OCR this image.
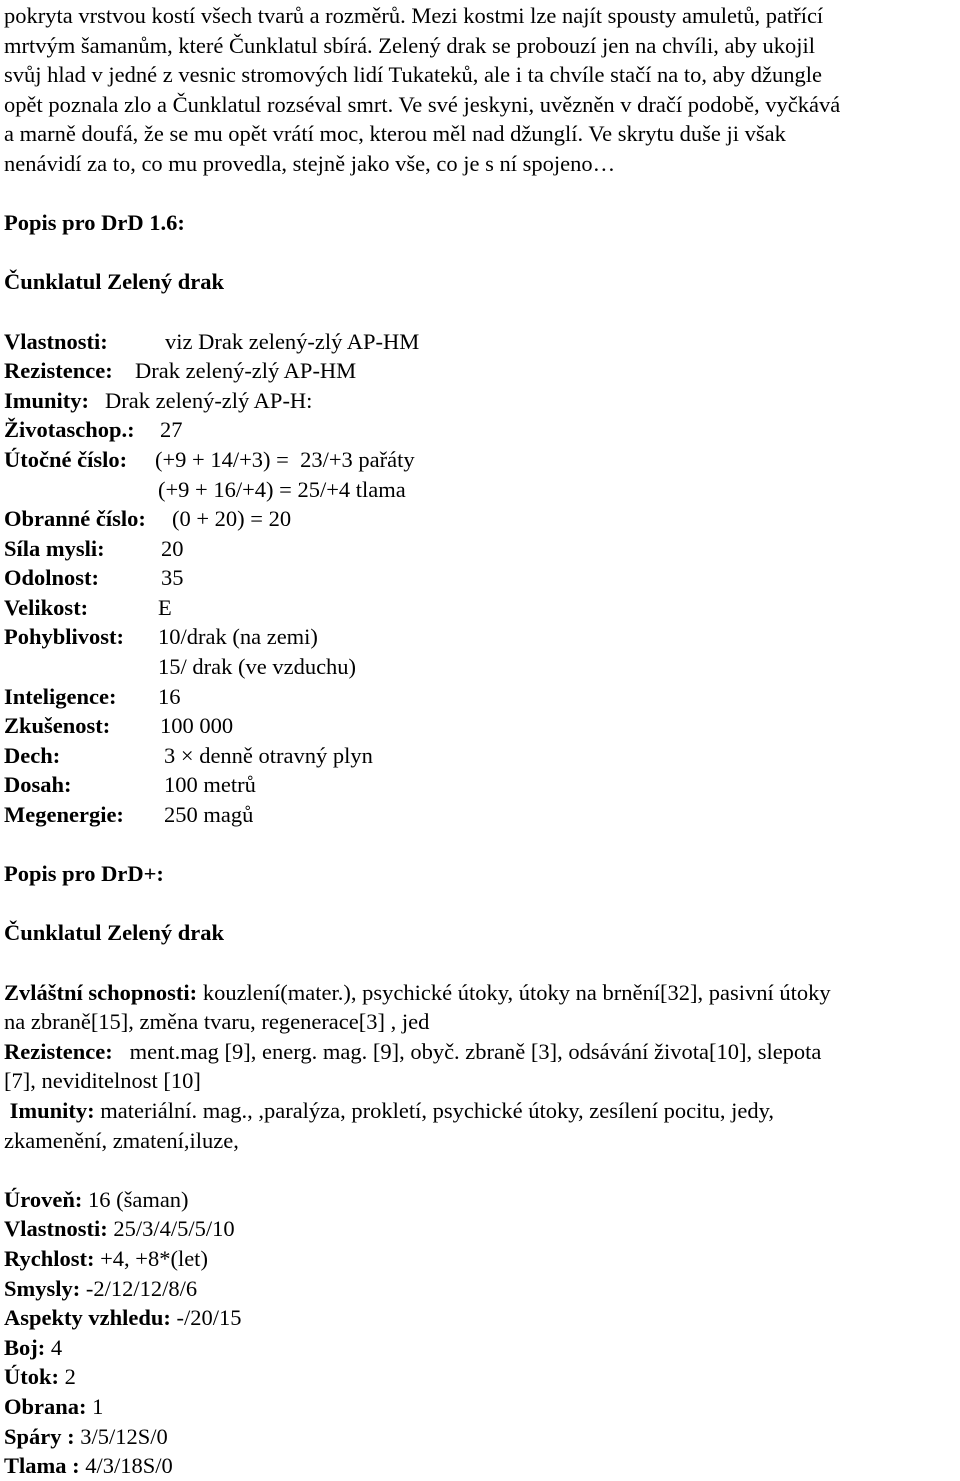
pokryta vrstvou kostí všech tvarů a rozměrů. Mezi kostmi lze najít spousty amuletů, patřící

mrtvým šamanům, které Čunklatul sbírá. Zelený drak se probouzí jen na chvíli, aby ukojil

svůj hlad v jedné z vesnic stromových lidí Tukateků, ale i ta chvíle stačí na to, aby džungle

opět poznala zlo a Čunklatul rozséval smrt. Ve své jeskyni, uvězněn v dračí podobě, vyčkává

a marně doufá, že se mu opět vrátí moc, kterou měl nad džunglí. Ve skrytu duše ji však

nenávidí za to, co mu provedla, stejně jako vše, co je s ní spojeno…

Popis pro DrD 1.6:

Čunklatul Zelený drak

Vlastnosti:	viz Drak zelený-zlý AP-HM
Rezistence: Drak zelený-zlý AP-HM
Imunity: Drak zelený-zlý AP-H:
Životaschop.: 27
Útočné číslo: (+9 + 14/+3) =  23/+3 pařáty
(+9 + 16/+4) = 25/+4 tlama
Obranné číslo: (0 + 20) = 20
Síla mysli:	20
Odolnost:	35
Velikost:	E
Pohyblivost: 10/drak (na zemi)
15/ drak (ve vzduchu)
Inteligence: 16
Zkušenost: 100 000
Dech:	3 × denně otravný plyn
Dosah:	100 metrů
Megenergie: 250 magů

Popis pro DrD+:

Čunklatul Zelený drak

Zvláštní schopnosti: kouzlení(mater.), psychické útoky, útoky na brnění[32], pasivní útoky

na zbraně[15], změna tvaru, regenerace[3] , jed

Rezistence: ment.mag [9], energ. mag. [9], obyč. zbraně [3], odsávání života[10], slepota

[7], neviditelnost [10]

Imunity: materiální. mag., ,paralýza, prokletí, psychické útoky, zesílení pocitu, jedy,

zkamenění, zmatení,iluze,

Úroveň: 16 (šaman)

Vlastnosti: 25/3/4/5/5/10

Rychlost: +4, +8*(let)

Smysly: -2/12/12/8/6

Aspekty vzhledu: -/20/15

Boj: 4

Útok: 2

Obrana: 1

Spáry : 3/5/12S/0

Tlama : 4/3/18S/0
